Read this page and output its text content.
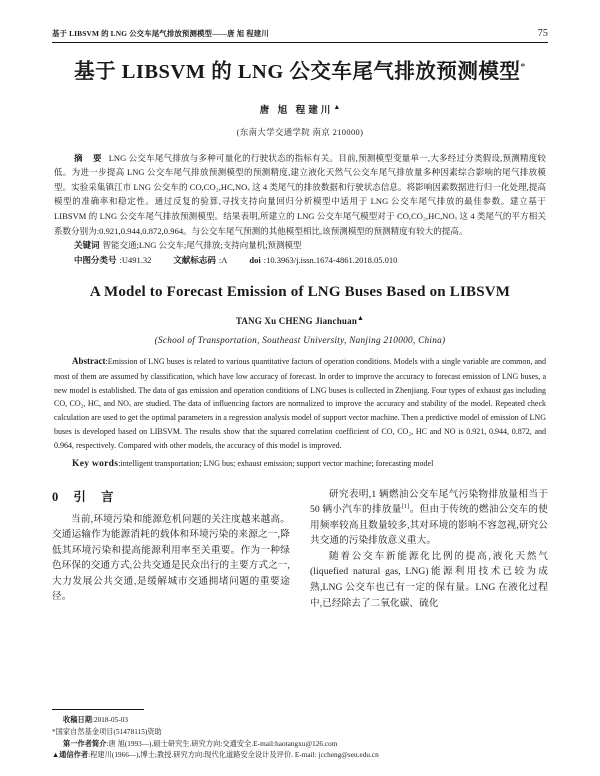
基于 LIBSVM 的 LNG 公交车尾气排放预测模型——唐 旭 程建川	75
基于 LIBSVM 的 LNG 公交车尾气排放预测模型*
唐 旭 程建川▲
(东南大学交通学院 南京 210000)

摘 要 LNG 公交车尾气排放与多种可量化的行驶状态的指标有关。目前,预测模型变量单一,大多经过分类假设,预测精度较低。为进一步提高 LNG 公交车尾气排放预测模型的预测精度,建立液化天然气公交车尾气排放量多种因素综合影响的尾气排放模型。实验采集镇江市 LNG 公交车的 CO,CO₂,HC,NOₓ 这 4 类尾气的排放数据和行驶状态信息。将影响因素数据进行归一化处理,提高模型的准确率和稳定性。通过反复的验算,寻找支持向量回归分析模型中适用于 LNG 公交车尾气排放的最佳参数。建立基于 LIBSVM 的 LNG 公交车尾气排放预测模型。结果表明,所建立的 LNG 公交车尾气模型对于 CO,CO₂,HC,NOₓ 这 4 类尾气的平方相关系数分别为:0.921,0.944,0.872,0.964。与公交车尾气预测的其他模型相比,该预测模型的预测精度有较大的提高。

关键词 智能交通;LNG 公交车;尾气排放;支持向量机;预测模型
中图分类号 :U491.32	文献标志码 :A	doi :10.3963/j.issn.1674-4861.2018.05.010
A Model to Forecast Emission of LNG Buses Based on LIBSVM
TANG Xu CHENG Jianchuan▲
(School of Transportation, Southeast University, Nanjing 210000, China)
Abstract:Emission of LNG buses is related to various quantitative factors of operation conditions. Models with a single variable are common, and most of them are assumed by classification, which have low accuracy of forecast. In order to improve the accuracy to forecast emission of LNG buses, a new model is established. The data of gas emission and operation conditions of LNG buses is collected in Zhenjiang. Four types of exhaust gas including CO, CO₂, HC, and NOₓ are studied. The data of influencing factors are normalized to improve the accuracy and stability of the model. Repeated check calculation are used to get the optimal parameters in a regression analysis model of support vector machine. Then a predictive model of emission of LNG buses is developed based on LIBSVM. The results show that the squared correlation coefficient of CO, CO₂, HC and NO is 0.921, 0.944, 0.872, and 0.964, respectively. Compared with other models, the accuracy of this model is improved.
Key words:intelligent transportation; LNG bus; exhaust emission; support vector machine; forecasting model
0 引 言

当前,环境污染和能源危机问题的关注度越来越高。交通运输作为能源消耗的载体和环境污染的来源之一,降低其环境污染和提高能源利用率至关重要。作为一种绿色环保的交通方式,公共交通是民众出行的主要方式之一,大力发展公共交通,是缓解城市交通拥堵问题的重要途径。

研究表明,1 辆燃油公交车尾气污染物排放量相当于 50 辆小汽车的排放量[1]。但由于传统的燃油公交车的使用频率较高且数量较多,其对环境的影响不容忽视,研究公共交通的污染排放意义重大。

随着公交车新能源化比例的提高,液化天然气(liquefied natural gas, LNG)能源利用技术已较为成熟,LNG 公交车也已有一定的保有量。LNG 在液化过程中,已经除去了二氧化碳、硫化

收稿日期:2018-05-03
*国家自然基金项目(51478115)资助
第一作者简介:唐 旭(1993—),硕士研究生.研究方向:交通安全.E-mail:haotangxu@126.com
▲通信作者:程建川(1966—),博士;教授.研究方向:现代化道路安全设计及评价. E-mail: jccheng@seu.edu.cn
